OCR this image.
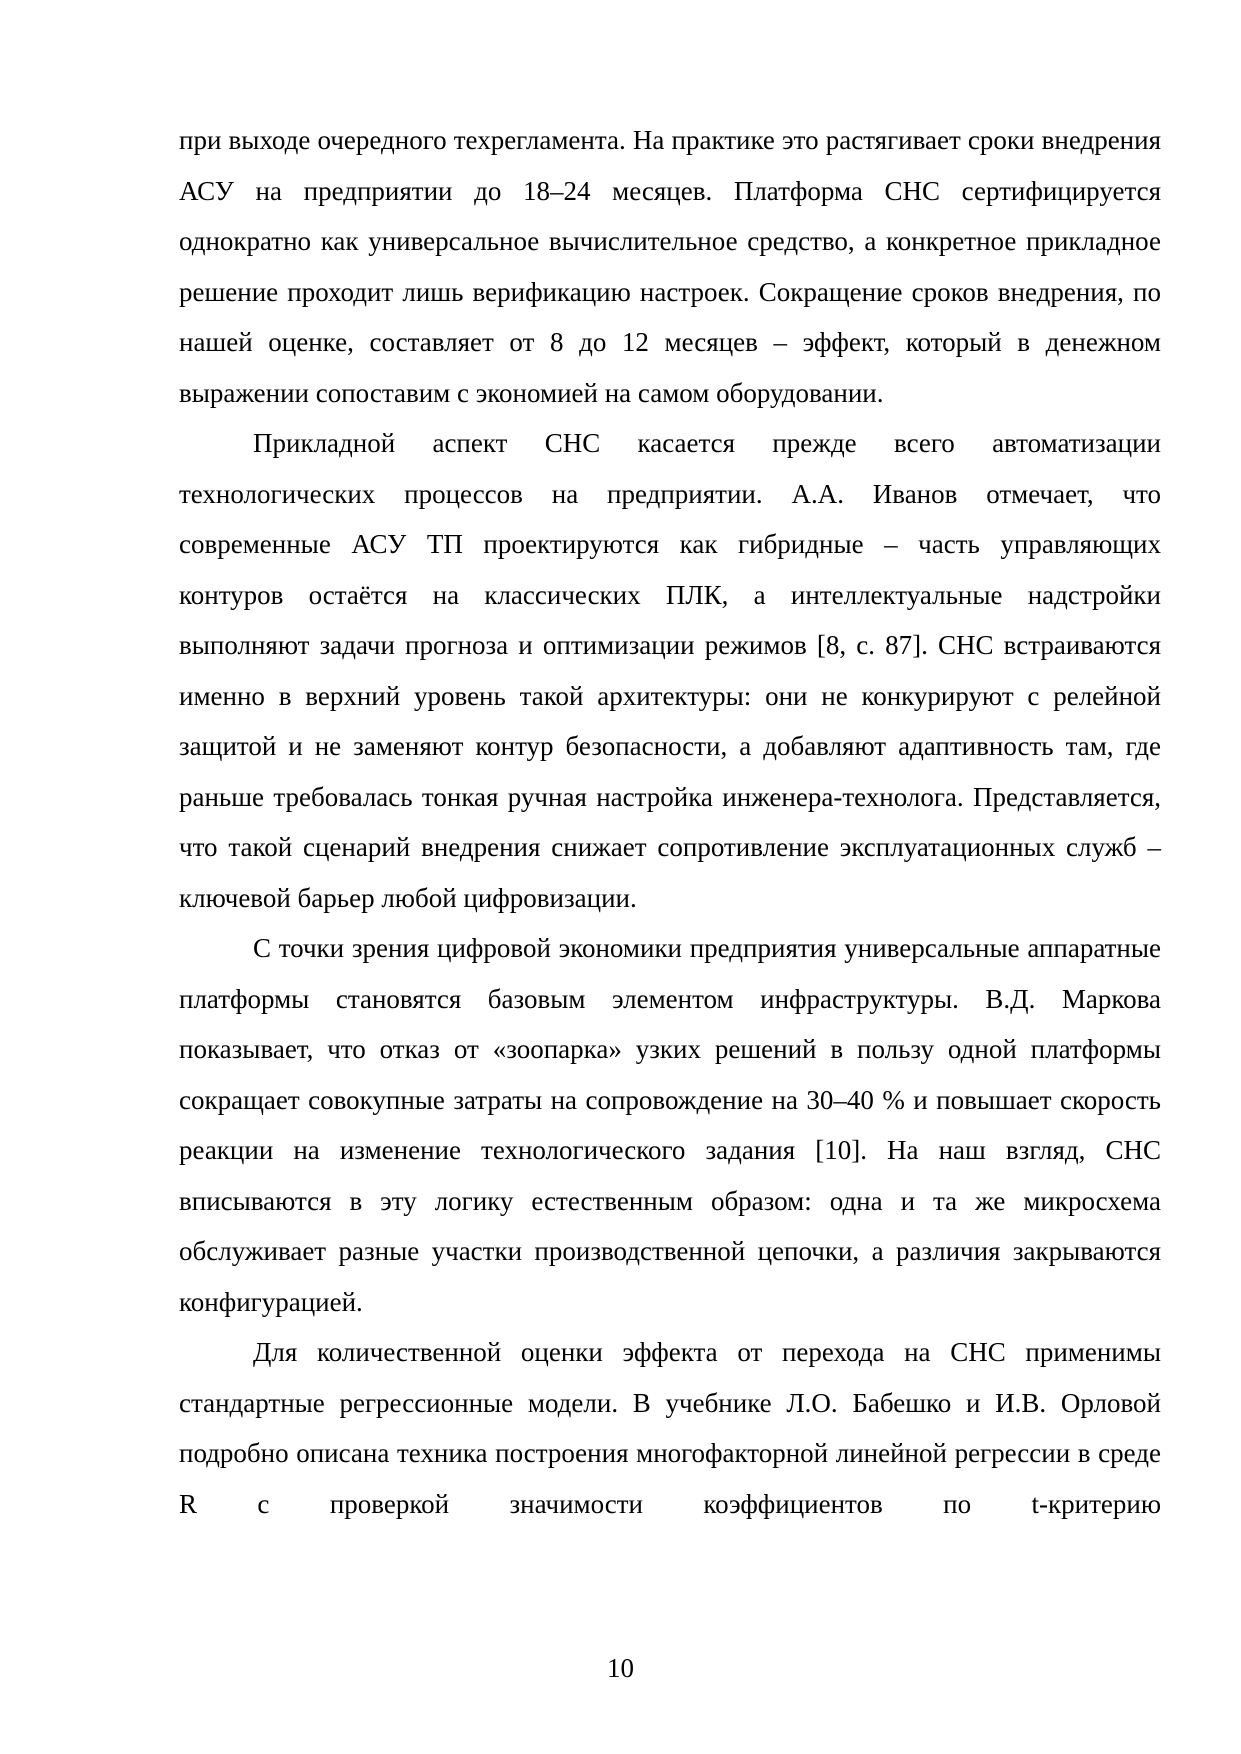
при выходе очередного техрегламента. На практике это растягивает сроки внедрения АСУ на предприятии до 18–24 месяцев. Платформа СНС сертифицируется однократно как универсальное вычислительное средство, а конкретное прикладное решение проходит лишь верификацию настроек. Сокращение сроков внедрения, по нашей оценке, составляет от 8 до 12 месяцев – эффект, который в денежном выражении сопоставим с экономией на самом оборудовании.

Прикладной аспект СНС касается прежде всего автоматизации технологических процессов на предприятии. А.А. Иванов отмечает, что современные АСУ ТП проектируются как гибридные – часть управляющих контуров остаётся на классических ПЛК, а интеллектуальные надстройки выполняют задачи прогноза и оптимизации режимов [8, с. 87]. СНС встраиваются именно в верхний уровень такой архитектуры: они не конкурируют с релейной защитой и не заменяют контур безопасности, а добавляют адаптивность там, где раньше требовалась тонкая ручная настройка инженера-технолога. Представляется, что такой сценарий внедрения снижает сопротивление эксплуатационных служб – ключевой барьер любой цифровизации.

С точки зрения цифровой экономики предприятия универсальные аппаратные платформы становятся базовым элементом инфраструктуры. В.Д. Маркова показывает, что отказ от «зоопарка» узких решений в пользу одной платформы сокращает совокупные затраты на сопровождение на 30–40 % и повышает скорость реакции на изменение технологического задания [10]. На наш взгляд, СНС вписываются в эту логику естественным образом: одна и та же микросхема обслуживает разные участки производственной цепочки, а различия закрываются конфигурацией.

Для количественной оценки эффекта от перехода на СНС применимы стандартные регрессионные модели. В учебнике Л.О. Бабешко и И.В. Орловой подробно описана техника построения многофакторной линейной регрессии в среде R с проверкой значимости коэффициентов по t-критерию

10
